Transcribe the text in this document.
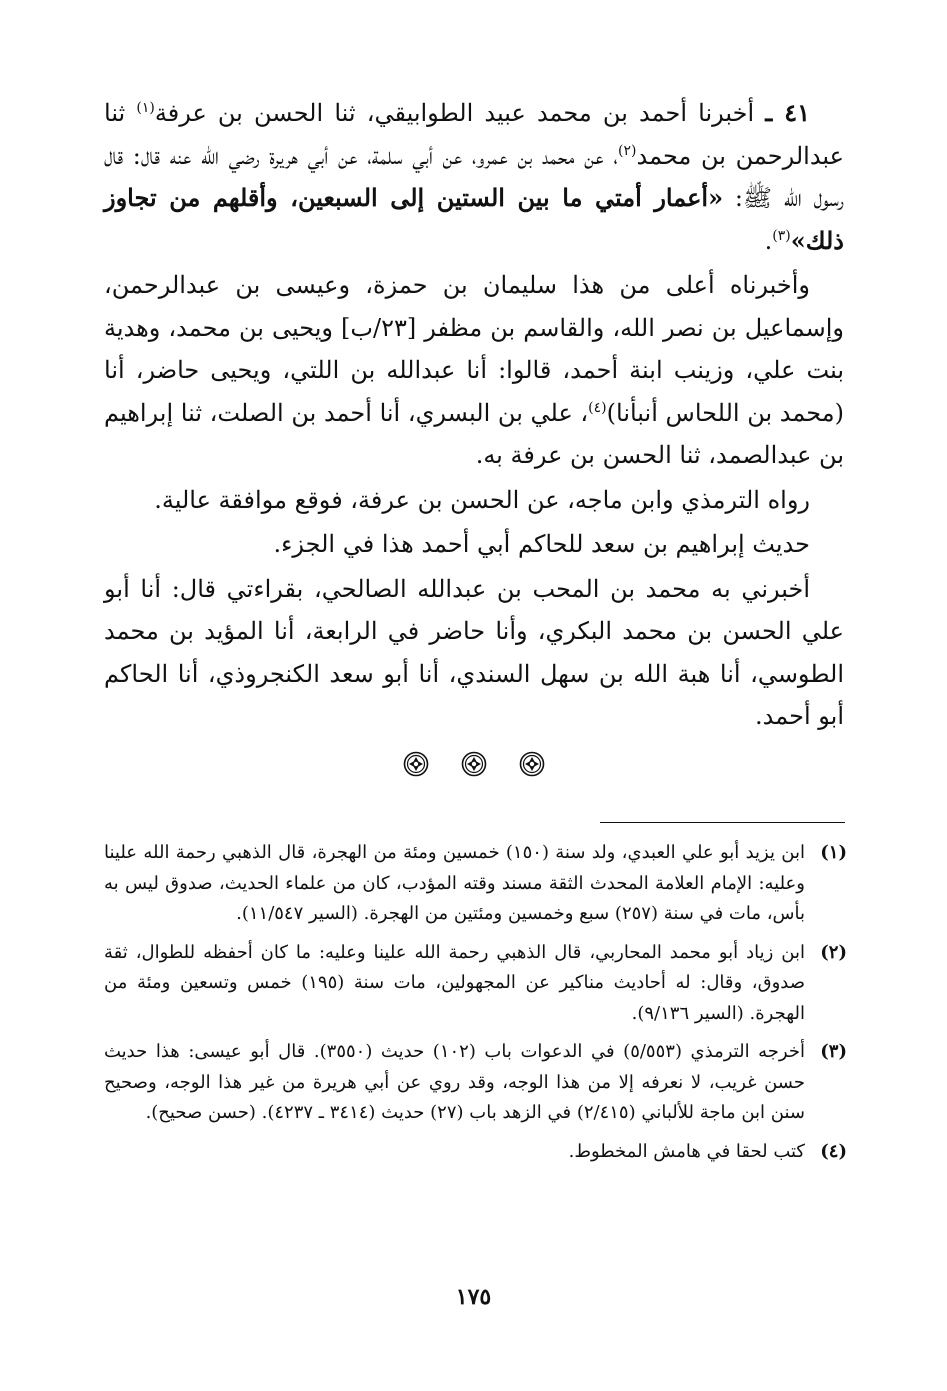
٤١ ـ أخبرنا أحمد بن محمد عبيد الطوابيقي، ثنا الحسن بن عرفة$^{(١)}$ ثنا عبدالرحمن بن محمد$^{(٢)}$، عن محمد بن عمرو، عن أبي سلمة، عن أبي هريرة رضي الله عنه قال: قال رسول الله ﷺ: «أعمار أمتي ما بين الستين إلى السبعين، وأقلهم من تجاوز ذلك»$^{(٣)}$.

وأخبرناه أعلى من هذا سليمان بن حمزة، وعيسى بن عبدالرحمن، وإسماعيل بن نصر الله، والقاسم بن مظفر [٢٣/ب] ويحيى بن محمد، وهدية بنت علي، وزينب ابنة أحمد، قالوا: أنا عبدالله بن اللتي، ويحيى حاضر، أنا (محمد بن اللحاس أنبأنا)$^{(٤)}$، علي بن البسري، أنا أحمد بن الصلت، ثنا إبراهيم بن عبدالصمد، ثنا الحسن بن عرفة به.

رواه الترمذي وابن ماجه، عن الحسن بن عرفة، فوقع موافقة عالية.

حديث إبراهيم بن سعد للحاكم أبي أحمد هذا في الجزء.

أخبرني به محمد بن المحب بن عبدالله الصالحي، بقراءتي قال: أنا أبو علي الحسن بن محمد البكري، وأنا حاضر في الرابعة، أنا المؤيد بن محمد الطوسي، أنا هبة الله بن سهل السندي، أنا أبو سعد الكنجروذي، أنا الحاكم أبو أحمد.

(١)
ابن يزيد أبو علي العبدي، ولد سنة (١٥٠) خمسين ومئة من الهجرة، قال الذهبي رحمة الله علينا وعليه: الإمام العلامة المحدث الثقة مسند وقته المؤدب، كان من علماء الحديث، صدوق ليس به بأس، مات في سنة (٢٥٧) سبع وخمسين ومئتين من الهجرة. (السير ١١/٥٤٧).
(٢)
ابن زياد أبو محمد المحاربي، قال الذهبي رحمة الله علينا وعليه: ما كان أحفظه للطوال، ثقة صدوق، وقال: له أحاديث مناكير عن المجهولين، مات سنة (١٩٥) خمس وتسعين ومئة من الهجرة. (السير ٩/١٣٦).
(٣)
أخرجه الترمذي (٥/٥٥٣) في الدعوات باب (١٠٢) حديث (٣٥٥٠). قال أبو عيسى: هذا حديث حسن غريب، لا نعرفه إلا من هذا الوجه، وقد روي عن أبي هريرة من غير هذا الوجه، وصحيح سنن ابن ماجة للألباني (٢/٤١٥) في الزهد باب (٢٧) حديث (٣٤١٤ ـ ٤٢٣٧). (حسن صحيح).
(٤)
كتب لحقا في هامش المخطوط.
١٧٥
